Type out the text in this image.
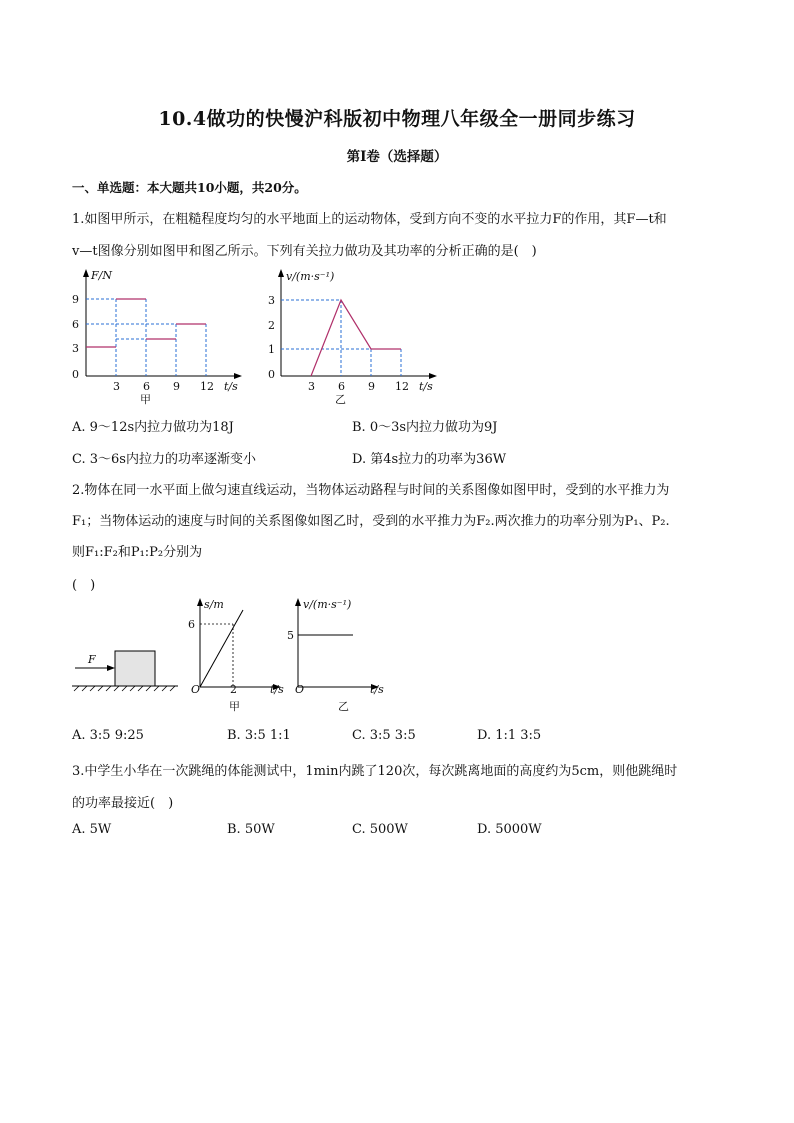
10.4做功的快慢沪科版初中物理八年级全一册同步练习
第Ⅰ卷（选择题）
一、单选题：本大题共10小题，共20分。
1.如图甲所示，在粗糙程度均匀的水平地面上的运动物体，受到方向不变的水平拉力F的作用，其F—t和
v—t图像分别如图甲和图乙所示。下列有关拉力做功及其功率的分析正确的是(　)
F/N
9
6
3
0
3 6 9 12 t/s
甲
v/(m·s⁻¹)
3
2
1
0
3 6 9 12 t/s
乙
A. 9～12s内拉力做功为18J	B. 0～3s内拉力做功为9J
C. 3～6s内拉力的功率逐渐变小	D. 第4s拉力的功率为36W
2.物体在同一水平面上做匀速直线运动，当物体运动路程与时间的关系图像如图甲时，受到的水平推力为
F₁；当物体运动的速度与时间的关系图像如图乙时，受到的水平推力为F₂.两次推力的功率分别为P₁、P₂.
则F₁:F₂和P₁:P₂分别为
(　)
F
s/m
6
O	2	t/s
甲
v/(m·s⁻¹)
5
O	t/s
乙
A. 3:5 9:25	B. 3:5 1:1	C. 3:5 3:5	D. 1:1 3:5
3.中学生小华在一次跳绳的体能测试中，1min内跳了120次，每次跳离地面的高度约为5cm，则他跳绳时
的功率最接近(　)
A. 5W	B. 50W	C. 500W	D. 5000W
